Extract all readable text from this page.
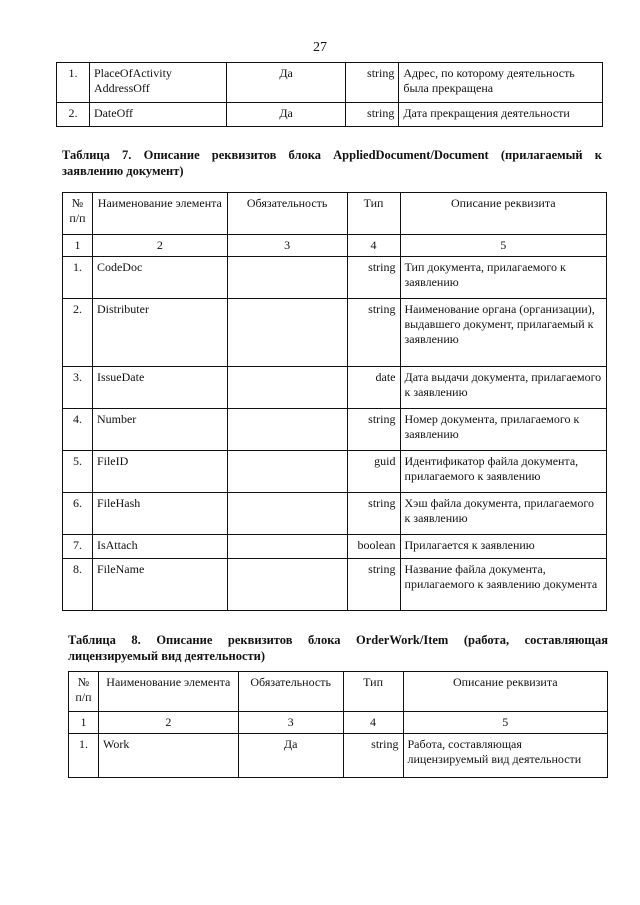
27
1.	PlaceOfActivity AddressOff	Да	string	Адрес, по которому деятельность была прекращена
2.	DateOff	Да	string	Дата прекращения деятельности
Таблица 7. Описание реквизитов блока AppliedDocument/Document (прилагаемый к
заявлению документ)
№ п/п	Наименование элемента	Обязательность	Тип	Описание реквизита
1	2	3	4	5
1.	CodeDoc		string	Тип документа, прилагаемого к заявлению
2.	Distributer		string	Наименование органа (организации), выдавшего документ, прилагаемый к заявлению
3.	IssueDate		date	Дата выдачи документа, прилагаемого к заявлению
4.	Number		string	Номер документа, прилагаемого к заявлению
5.	FileID		guid	Идентификатор файла документа, прилагаемого к заявлению
6.	FileHash		string	Хэш файла документа, прилагаемого к заявлению
7.	IsAttach		boolean	Прилагается к заявлению
8.	FileName		string	Название файла документа, прилагаемого к заявлению документа
Таблица 8. Описание реквизитов блока OrderWork/Item (работа, составляющая
лицензируемый вид деятельности)
№ п/п	Наименование элемента	Обязательность	Тип	Описание реквизита
1	2	3	4	5
1.	Work	Да	string	Работа, составляющая лицензируемый вид деятельности
